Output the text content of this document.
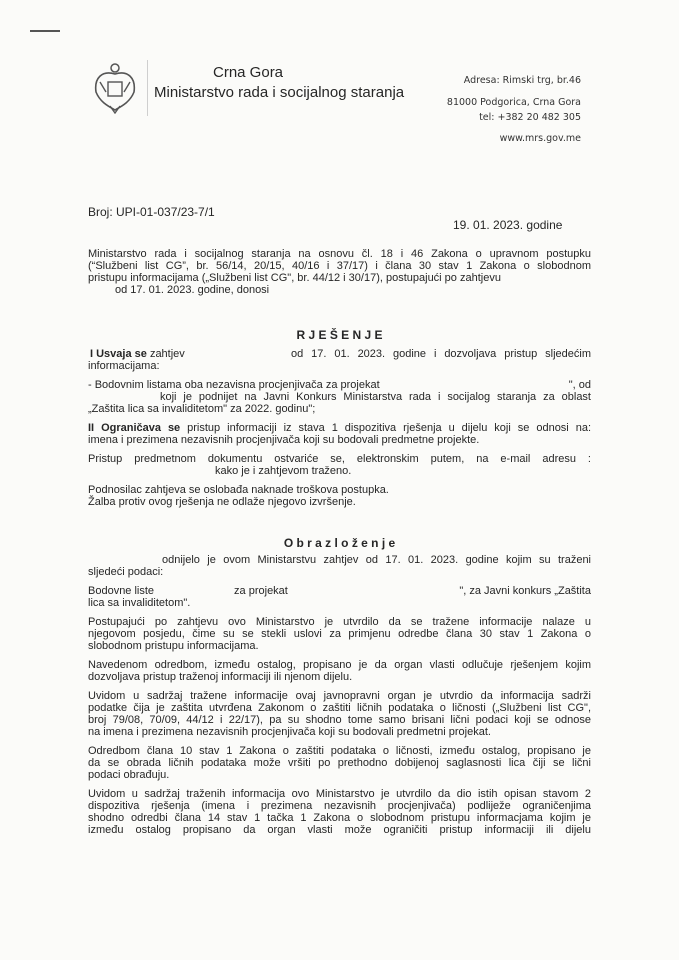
Crna Gora
Ministarstvo rada i socijalnog staranja
Adresa: Rimski trg, br.46
81000 Podgorica, Crna Gora
tel: +382 20 482 305
www.mrs.gov.me
Broj: UPI-01-037/23-7/1
19. 01. 2023. godine
Ministarstvo rada i socijalnog staranja na osnovu čl. 18 i 46 Zakona o upravnom postupku
(“Službeni list CG”, br. 56/14, 20/15, 40/16 i 37/17) i člana 30 stav 1 Zakona o slobodnom
pristupu informacijama („Službeni list CG", br. 44/12 i 30/17), postupajući po zahtjevu
od 17. 01. 2023. godine, donosi
R J E Š E N J E
I Usvaja se zahtjev	od 17. 01. 2023. godine i dozvoljava pristup sljedećim
informacijama:
- Bodovnim listama oba nezavisna procjenjivača za projekat	", od
koji je podnijet na Javni Konkurs Ministarstva rada i socijalog staranja za oblast
„Zaštita lica sa invaliditetom" za 2022. godinu";
II Ograničava se pristup informaciji iz stava 1 dispozitiva rješenja u dijelu koji se odnosi na:
imena i prezimena nezavisnih procjenjivača koji su bodovali predmetne projekte.
Pristup predmetnom dokumentu ostvariće se, elektronskim putem, na e-mail adresu :
kako je i zahtjevom traženo.
Podnosilac zahtjeva se oslobađa naknade troškova postupka.
Žalba protiv ovog rješenja ne odlaže njegovo izvršenje.
O b r a z l o ž e n j e
odnijelo je ovom Ministarstvu zahtjev od 17. 01. 2023. godine kojim su traženi
sljedeći podaci:
Bodovne liste	za projekat	", za Javni konkurs „Zaštita
lica sa invaliditetom".
Postupajući po zahtjevu ovo Ministarstvo je utvrdilo da se tražene informacije nalaze u
njegovom posjedu, čime su se stekli uslovi za primjenu odredbe člana 30 stav 1 Zakona o
slobodnom pristupu informacijama.
Navedenom odredbom, između ostalog, propisano je da organ vlasti odlučuje rješenjem kojim
dozvoljava pristup traženoj informaciji ili njenom dijelu.
Uvidom u sadržaj tražene informacije ovaj javnopravni organ je utvrdio da informacija sadrži
podatke čija je zaštita utvrđena Zakonom o zaštiti ličnih podataka o ličnosti („Službeni list CG",
broj 79/08, 70/09, 44/12 i 22/17), pa su shodno tome samo brisani lični podaci koji se odnose
na imena i prezimena nezavisnih procjenjivača koji su bodovali predmetni projekat.
Odredbom člana 10 stav 1 Zakona o zaštiti podataka o ličnosti, između ostalog, propisano je
da se obrada ličnih podataka može vršiti po prethodno dobijenoj saglasnosti lica čiji se lični
podaci obrađuju.
Uvidom u sadržaj traženih informacija ovo Ministarstvo je utvrdilo da dio istih opisan stavom 2
dispozitiva rješenja (imena i prezimena nezavisnih procjenjivača) podliježe ograničenjima
shodno odredbi člana 14 stav 1 tačka 1 Zakona o slobodnom pristupu informacjama kojim je
između ostalog propisano da organ vlasti može ograničiti pristup informaciji ili dijelu
